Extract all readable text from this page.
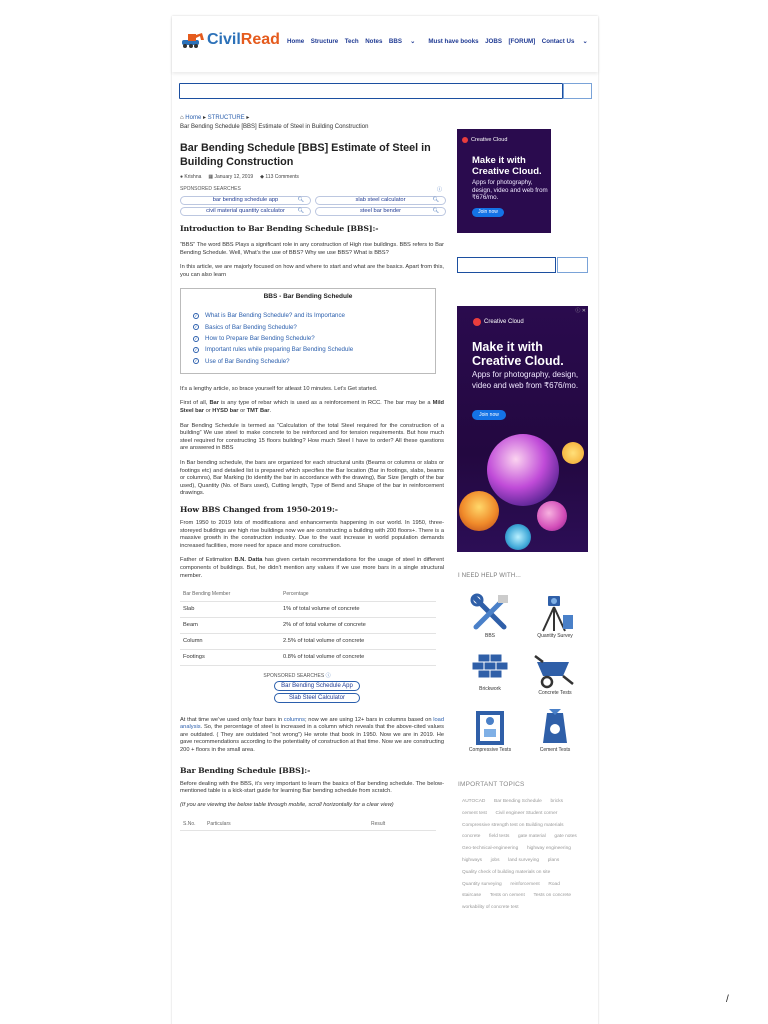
CivilRead Home Structure Tech Notes BBS ⌄	Must have books JOBS [FORUM] Contact Us ⌄
⌂ Home ▸ STRUCTURE ▸
Bar Bending Schedule [BBS] Estimate of Steel in Building Construction
Bar Bending Schedule [BBS] Estimate of Steel in Building Construction
● Krishna ▦ January 12, 2019 ◆ 113 Comments
SPONSORED SEARCHES	ⓘ
bar bending schedule app	🔍︎	slab steel calculator	🔍︎
civil material quantity calculator	🔍︎	steel bar bender	🔍︎
Introduction to Bar Bending Schedule [BBS]:-

“BBS” The word BBS Plays a significant role in any construction of High rise buildings. BBS refers to Bar Bending Schedule. Well, What’s the use of BBS? Why we use BBS? What is BBS?

In this article, we are majorly focused on how and where to start and what are the basics. Apart from this, you can also learn

BBS - Bar Bending Schedule
✓ What is Bar Bending Schedule? and its Importance
✓ Basics of Bar Bending Schedule?
✓ How to Prepare Bar Bending Schedule?
✓ Important rules while preparing Bar Bending Schedule
✓ Use of Bar Bending Schedule?

It’s a lengthy article, so brace yourself for atleast 10 minutes. Let’s Get started.

First of all, Bar is any type of rebar which is used as a reinforcement in RCC. The bar may be a Mild Steel bar or HYSD bar or TMT Bar.

Bar Bending Schedule is termed as “Calculation of the total Steel required for the construction of a building” We use steel to make concrete to be reinforced and for tension requirements. But how much steel required for constructing 15 floors building? How much Steel I have to order? All these questions are answered in BBS

In Bar bending schedule, the bars are organized for each structural units (Beams or columns or slabs or footings etc) and detailed list is prepared which specifies the Bar location (Bar in footings, slabs, beams or columns), Bar Marking (to identify the bar in accordance with the drawing), Bar Size (length of the bar used), Quantity (No. of Bars used), Cutting length, Type of Bend and Shape of the bar in reinforcement drawings.

How BBS Changed from 1950-2019:-

From 1950 to 2019 lots of modifications and enhancements happening in our world. In 1950, three-storeyed buildings are high rise buildings now we are constructing a building with 200 floors+. There is a massive growth in the construction industry. Due to the vast increase in world population demands increased facilities, more need for space and more construction.

Father of Estimation B.N. Datta has given certain recommendations for the usage of steel in different components of buildings. But, he didn’t mention any values if we use more bars in a single structural member.

Bar Bending Member	Percentage
Slab	1% of total volume of concrete
Beam	2% of of total volume of concrete
Column	2.5% of total volume of concrete
Footings	0.8% of total volume of concrete
SPONSORED SEARCHES ⓘ
Bar Bending Schedule App
Slab Steel Calculator

At that time we’ve used only four bars in columns; now we are using 12+ bars in columns based on load analysis. So, the percentage of steel is increased in a column which reveals that the above-cited values are outdated. ( They are outdated “not wrong”) He wrote that book in 1950. Now we are in 2019. He gave recommendations according to the potentiality of construction at that time. Now we are constructing 200 + floors in the small area.

Bar Bending Schedule [BBS]:-

Before dealing with the BBS, it’s very important to learn the basics of Bar bending schedule. The below-mentioned table is a kick-start guide for learning Bar bending schedule from scratch.

(If you are viewing the below table through mobile, scroll horizontally for a clear view)

S.No.	Particulars	Result
Creative Cloud
Make it with Creative Cloud.
Apps for photography, design, video and web from ₹676/mo.
Join now
ⓘ ✕
Creative Cloud
Make it with Creative Cloud.
Apps for photography, design, video and web from ₹676/mo.
Join now
I NEED HELP WITH...
BBS	Quantity Survey
Brickwork
Concrete Tests
Compressive Tests	Cement Tests
IMPORTANT TOPICS
AUTOCAD Bar Bending Schedule bricks cement test Civil engineer Student corner
Compressive strength test on Building materials concrete field tests gate material gate notes Geo-technical-engineering highway engineering highways jobs land surveying plans Quality check of building materials on site Quantity surveying reinforcement Road staircase Tests on cement Tests on concrete workability of concrete test
/
